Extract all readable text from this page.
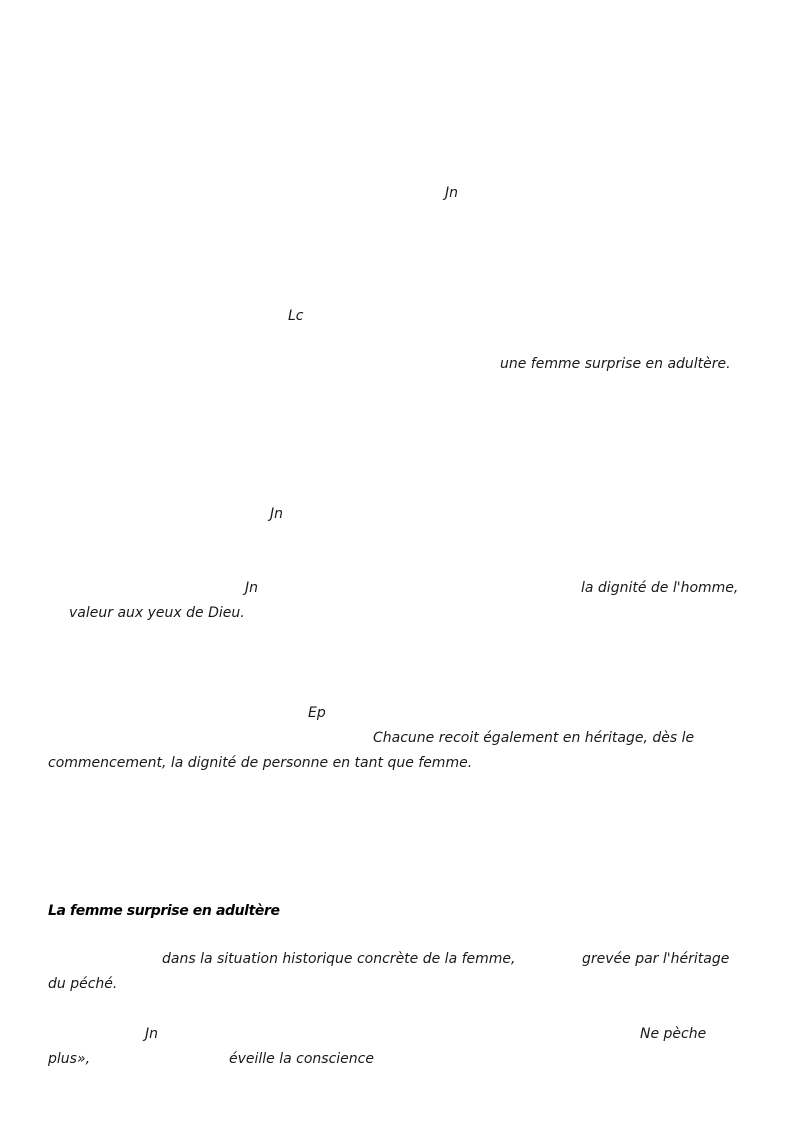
Jn
Lc
une femme surprise en adultère.
Jn
Jn	la dignité de l'homme,
valeur aux yeux de Dieu.
Ep
Chacune recoit également en héritage, dès le
commencement, la dignité de personne en tant que femme.
La femme surprise en adultère
dans la situation historique concrète de la femme,	grevée par l'héritage
du péché.
Jn	Ne pèche
plus»,	éveille la conscience
